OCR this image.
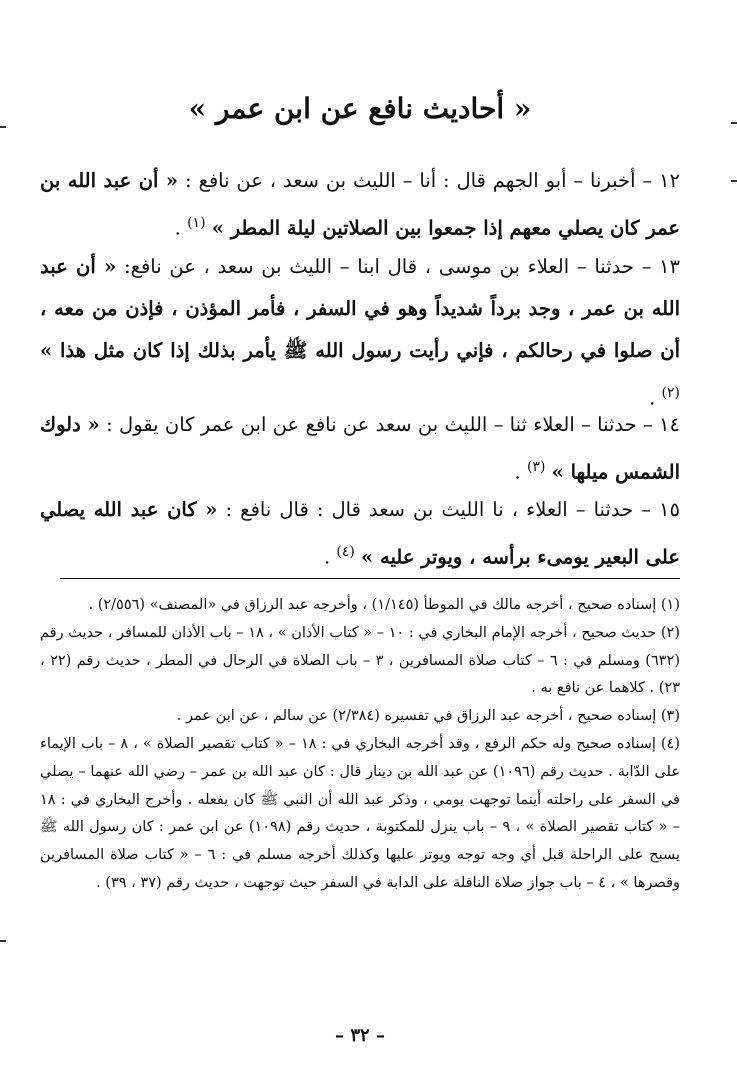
« أحاديث نافع عن ابن عمر »

١٢ – أخبرنا – أبو الجهم قال : أنا – الليث بن سعد ، عن نافع : « أن عبد الله بن عمر كان يصلي معهم إذا جمعوا بين الصلاتين ليلة المطر » $^{(١)}$ .

١٣ – حدثنا – العلاء بن موسى ، قال ابنا – الليث بن سعد ، عن نافع: « أن عبد الله بن عمر ، وجد برداً شديداً وهو في السفر ، فأمر المؤذن ، فإذن من معه ، أن صلوا في رحالكم ، فإني رأيت رسول الله ﷺ يأمر بذلك إذا كان مثل هذا » $^{(٢)}$ .

١٤ – حدثنا – العلاء ثنا – الليث بن سعد عن نافع عن ابن عمر كان يقول : « دلوك الشمس ميلها » $^{(٣)}$ .

١٥ – حدثنا – العلاء ، نا الليث بن سعد قال : قال نافع : « كان عبد الله يصلي على البعير يومىء برأسه ، ويوتر عليه » $^{(٤)}$ .

(١) إسناده صحيح ، أخرجه مالك في الموطأ (١/١٤٥) ، وأخرجه عبد الرزاق في «المصنف» (٢/٥٥٦) .

(٢) حديث صحيح ، أخرجه الإمام البخاري في : ١٠ – « كتاب الأذان » ، ١٨ – باب الأذان للمسافر ، حديث رقم (٦٣٢) ومسلم في : ٦ – كتاب صلاة المسافرين ، ٣ – باب الصلاة في الرحال في المطر ، حديث رقم (٢٢ ، ٢٣) . كلاهما عن نافع به .

(٣) إسناده صحيح ، أخرجه عبد الرزاق في تفسيره (٢/٣٨٤) عن سالم ، عن ابن عمر .

(٤) إسناده صحيح وله حكم الرفع ، وقد أخرجه البخاري في : ١٨ – « كتاب تقصير الصلاة » ، ٨ – باب الإيماء على الدّابة . حديث رقم (١٠٩٦) عن عبد الله بن دينار قال : كان عبد الله بن عمر – رضي الله عنهما – يصلي في السفر على راحلته أينما توجهت يومي ، وذكر عبد الله أن النبي ﷺ كان يفعله . وأخرج البخاري في : ١٨ – « كتاب تقصير الصلاة » ، ٩ – باب ينزل للمكتوبة ، حديث رقم (١٠٩٨) عن ابن عمر : كان رسول الله ﷺ يسبح على الراحلة قبل أي وجه توجه ويوتر عليها وكذلك أخرجه مسلم في : ٦ – « كتاب صلاة المسافرين وقصرها » ، ٤ – باب جواز صلاة النافلة على الدابة في السفر حيث توجهت ، حديث رقم (٣٧ ، ٣٩) .

– ٣٢ –
